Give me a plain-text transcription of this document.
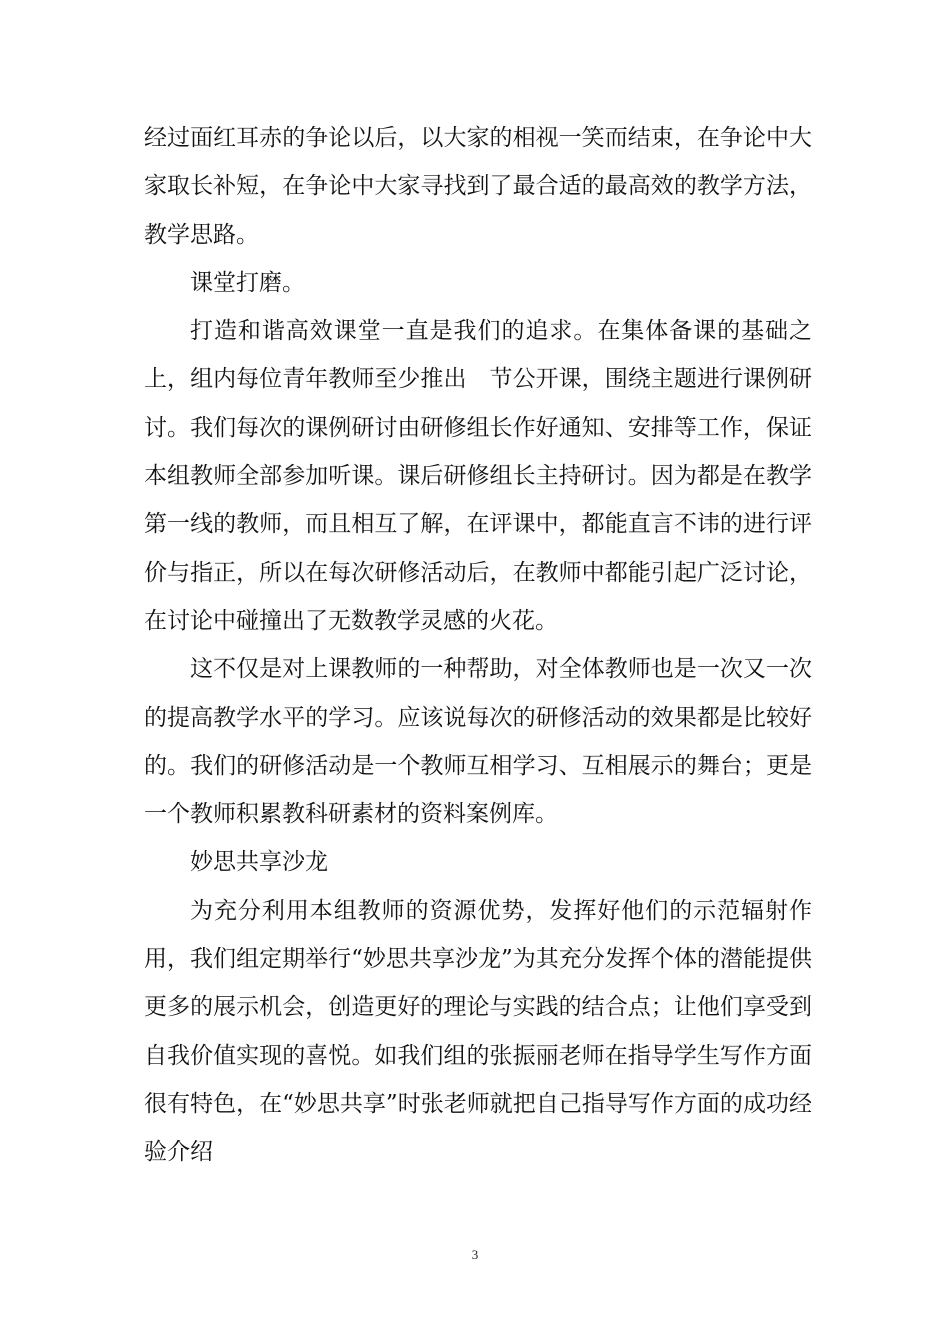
经过面红耳赤的争论以后，以大家的相视一笑而结束，在争论中大家取长补短，在争论中大家寻找到了最合适的最高效的教学方法，教学思路。

课堂打磨。

打造和谐高效课堂一直是我们的追求。在集体备课的基础之上，组内每位青年教师至少推出　节公开课，围绕主题进行课例研讨。我们每次的课例研讨由研修组长作好通知、安排等工作，保证本组教师全部参加听课。课后研修组长主持研讨。因为都是在教学第一线的教师，而且相互了解，在评课中，都能直言不讳的进行评价与指正，所以在每次研修活动后，在教师中都能引起广泛讨论，在讨论中碰撞出了无数教学灵感的火花。

这不仅是对上课教师的一种帮助，对全体教师也是一次又一次的提高教学水平的学习。应该说每次的研修活动的效果都是比较好的。我们的研修活动是一个教师互相学习、互相展示的舞台；更是一个教师积累教科研素材的资料案例库。

妙思共享沙龙

为充分利用本组教师的资源优势，发挥好他们的示范辐射作用，我们组定期举行“妙思共享沙龙”为其充分发挥个体的潜能提供更多的展示机会，创造更好的理论与实践的结合点；让他们享受到自我价值实现的喜悦。如我们组的张振丽老师在指导学生写作方面很有特色，在“妙思共享”时张老师就把自己指导写作方面的成功经验介绍

3
